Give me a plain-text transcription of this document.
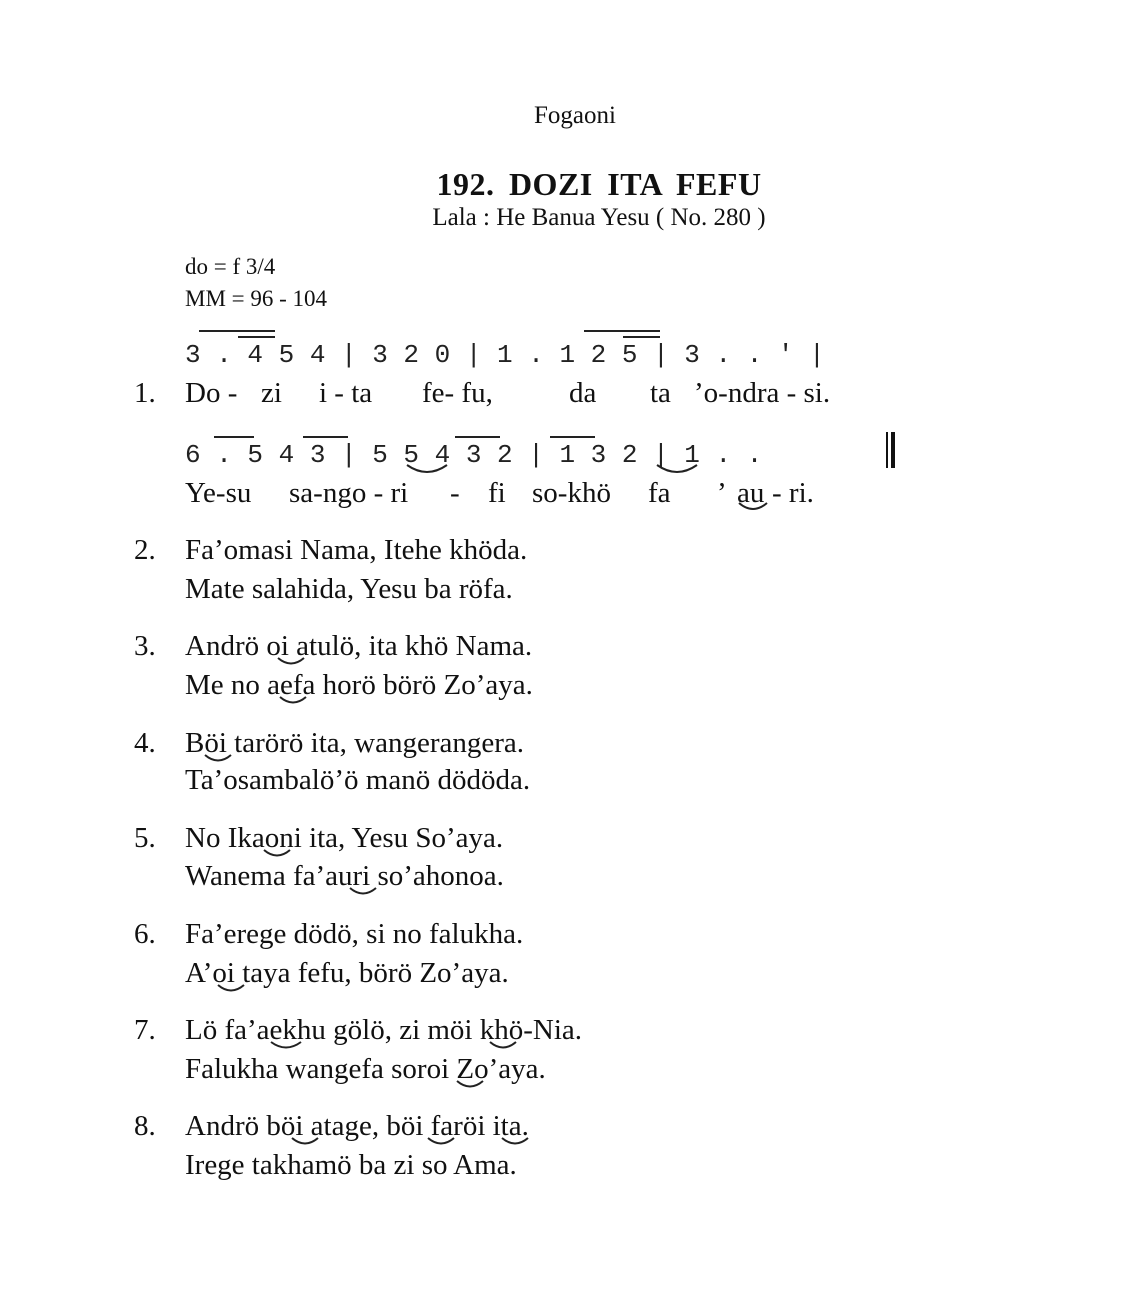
Fogaoni
192. DOZI ITA FEFU
Lala : He Banua Yesu ( No. 280 )
do = f 3/4
MM = 96 - 104
3 . 4 5 4 | 3 2 0 | 1 . 1 2 5 | 3 . . ' |
1. Do - zi i - ta fe- fu,	da ta ’o-ndra - si.
6 . 5 4 3 | 5 5 4 3 2 | 1 3 2 | 1 . .
Ye-su sa-ngo - ri - fi so-khö fa ’ au - ri.
2. Fa’omasi Nama, Itehe khöda.
Mate salahida, Yesu ba röfa.
3. Andrö oi atulö, ita khö Nama.
Me no aefa horö börö Zo’aya.
4. Böi tarörö ita, wangerangera.
Ta’osambalö’ö manö dödöda.
5. No Ikaoni ita, Yesu So’aya.
Wanema fa’auri so’ahonoa.
6. Fa’erege dödö, si no falukha.
A’oi taya fefu, börö Zo’aya.
7. Lö fa’aekhu gölö, zi möi khö-Nia.
Falukha wangefa soroi Zo’aya.
8. Andrö böi atage, böi faröi ita.
Irege takhamö ba zi so Ama.
